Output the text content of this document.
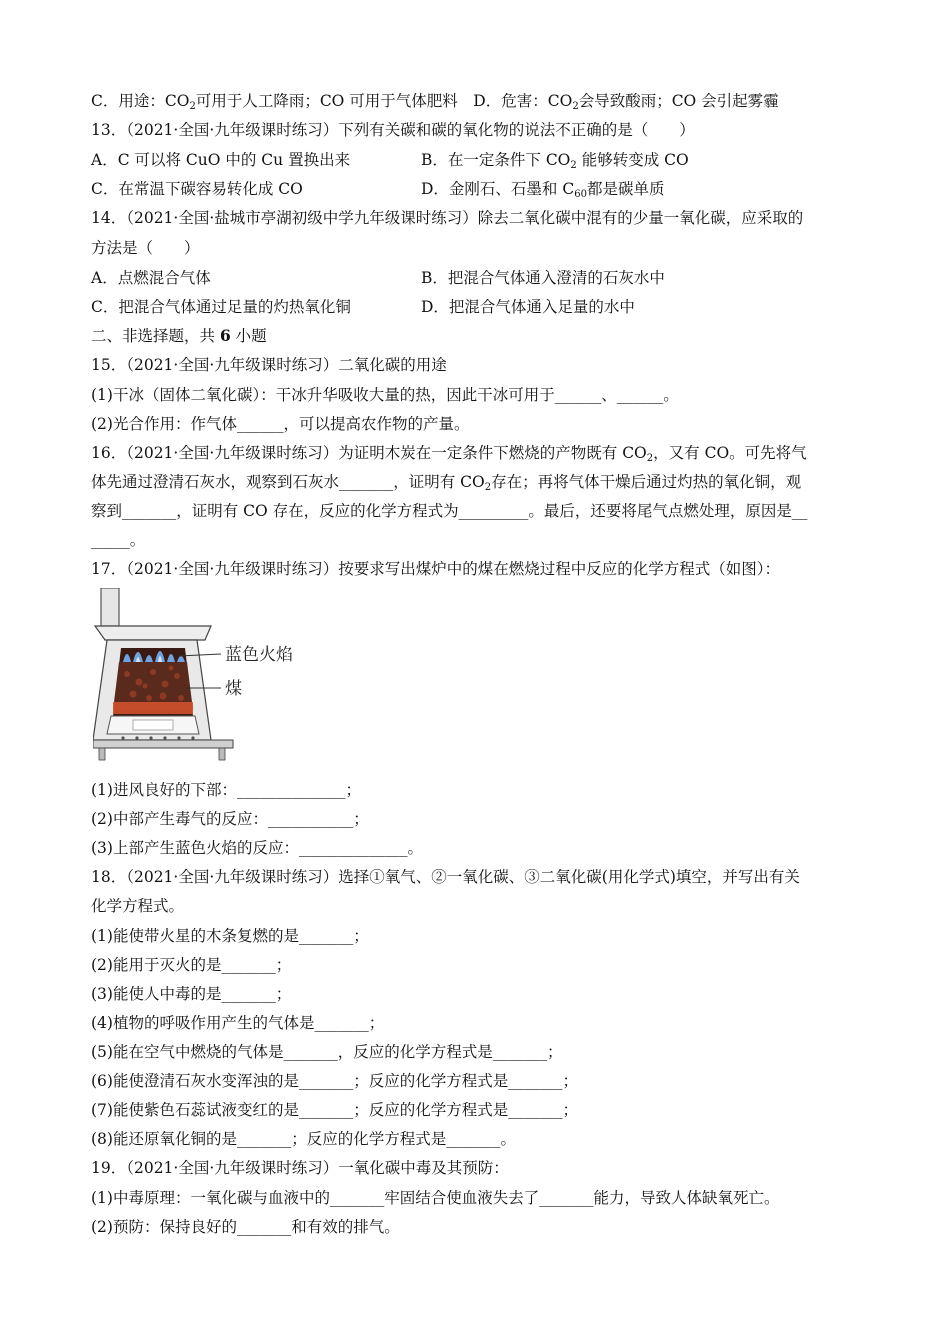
C．用途：$CO_2$可用于人工降雨；CO 可用于气体肥料　D．危害：$CO_2$会导致酸雨；CO 会引起雾霾
13．（2021·全国·九年级课时练习）下列有关碳和碳的氧化物的说法不正确的是（　　）
A．C 可以将 CuO 中的 Cu 置换出来	B．在一定条件下 $CO_2$ 能够转变成 CO
C．在常温下碳容易转化成 CO	D．金刚石、石墨和 $C_{60}$都是碳单质
14．（2021·全国·盐城市亭湖初级中学九年级课时练习）除去二氧化碳中混有的少量一氧化碳，应采取的
方法是（　　）
A．点燃混合气体	B．把混合气体通入澄清的石灰水中
C．把混合气体通过足量的灼热氧化铜	D．把混合气体通入足量的水中
二、非选择题，共 6 小题
15．（2021·全国·九年级课时练习）二氧化碳的用途
(1)干冰（固体二氧化碳）：干冰升华吸收大量的热，因此干冰可用于______、______。
(2)光合作用：作气体______，可以提高农作物的产量。
16．（2021·全国·九年级课时练习）为证明木炭在一定条件下燃烧的产物既有 $CO_2$，又有 CO。可先将气
体先通过澄清石灰水，观察到石灰水_______，证明有 $CO_2$存在；再将气体干燥后通过灼热的氧化铜，观
察到_______，证明有 CO 存在，反应的化学方程式为_________。最后，还要将尾气点燃处理，原因是__
_____。
17．（2021·全国·九年级课时练习）按要求写出煤炉中的煤在燃烧过程中反应的化学方程式（如图）：
蓝色火焰
煤
(1)进风良好的下部：______________；
(2)中部产生毒气的反应：___________；
(3)上部产生蓝色火焰的反应：______________。
18．（2021·全国·九年级课时练习）选择①氧气、②一氧化碳、③二氧化碳(用化学式)填空，并写出有关
化学方程式。
(1)能使带火星的木条复燃的是_______；
(2)能用于灭火的是_______；
(3)能使人中毒的是_______；
(4)植物的呼吸作用产生的气体是_______；
(5)能在空气中燃烧的气体是_______，反应的化学方程式是_______；
(6)能使澄清石灰水变浑浊的是_______；反应的化学方程式是_______；
(7)能使紫色石蕊试液变红的是_______；反应的化学方程式是_______；
(8)能还原氧化铜的是_______；反应的化学方程式是_______。
19．（2021·全国·九年级课时练习）一氧化碳中毒及其预防：
(1)中毒原理：一氧化碳与血液中的_______牢固结合使血液失去了_______能力，导致人体缺氧死亡。
(2)预防：保持良好的_______和有效的排气。
